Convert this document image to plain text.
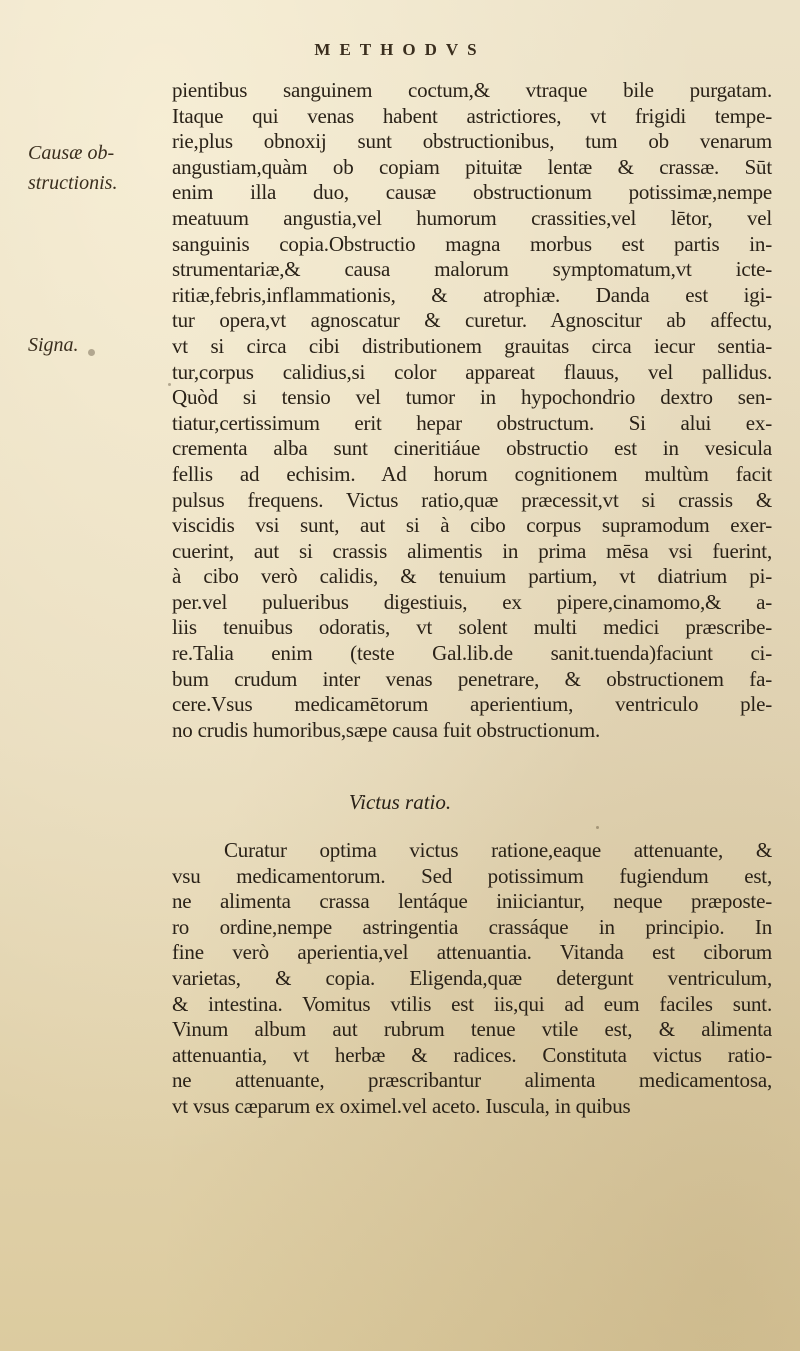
METHODVS
Causæ ob-
structionis.
Signa.

pientibus sanguinem coctum,& vtraque bile purgatam.

Itaque qui venas habent astrictiores, vt frigidi tempe-

rie,plus obnoxij sunt obstructionibus, tum ob venarum

angustiam,quàm ob copiam pituitæ lentæ & crassæ. Sūt

enim illa duo, causæ obstructionum potissimæ,nempe

meatuum angustia,vel humorum crassities,vel lētor, vel

sanguinis copia.Obstructio magna morbus est partis in-

strumentariæ,& causa malorum symptomatum,vt icte-

ritiæ,febris,inflammationis, & atrophiæ. Danda est igi-

tur opera,vt agnoscatur & curetur. Agnoscitur ab affectu,

vt si circa cibi distributionem grauitas circa iecur sentia-

tur,corpus calidius,si color appareat flauus, vel pallidus.

Quòd si tensio vel tumor in hypochondrio dextro sen-

tiatur,certissimum erit hepar obstructum. Si alui ex-

crementa alba sunt cineritiáue obstructio est in vesicula

fellis ad echisim. Ad horum cognitionem multùm facit

pulsus frequens. Victus ratio,quæ præcessit,vt si crassis &

viscidis vsi sunt, aut si à cibo corpus supramodum exer-

cuerint, aut si crassis alimentis in prima mēsa vsi fuerint,

à cibo verò calidis, & tenuium partium, vt diatrium pi-

per.vel pulueribus digestiuis, ex pipere,cinamomo,& a-

liis tenuibus odoratis, vt solent multi medici præscribe-

re.Talia enim (teste Gal.lib.de sanit.tuenda)faciunt ci-

bum crudum inter venas penetrare, & obstructionem fa-

cere.Vsus medicamētorum aperientium, ventriculo ple-

no crudis humoribus,sæpe causa fuit obstructionum.

Victus ratio.

Curatur optima victus ratione,eaque attenuante, &

vsu medicamentorum. Sed potissimum fugiendum est,

ne alimenta crassa lentáque iniiciantur, neque præposte-

ro ordine,nempe astringentia crassáque in principio. In

fine verò aperientia,vel attenuantia. Vitanda est ciborum

varietas, & copia. Eligenda,quæ detergunt ventriculum,

& intestina. Vomitus vtilis est iis,qui ad eum faciles sunt.

Vinum album aut rubrum tenue vtile est, & alimenta

attenuantia, vt herbæ & radices. Constituta victus ratio-

ne attenuante, præscribantur alimenta medicamentosa,

vt vsus cæparum ex oximel.vel aceto. Iuscula, in quibus
